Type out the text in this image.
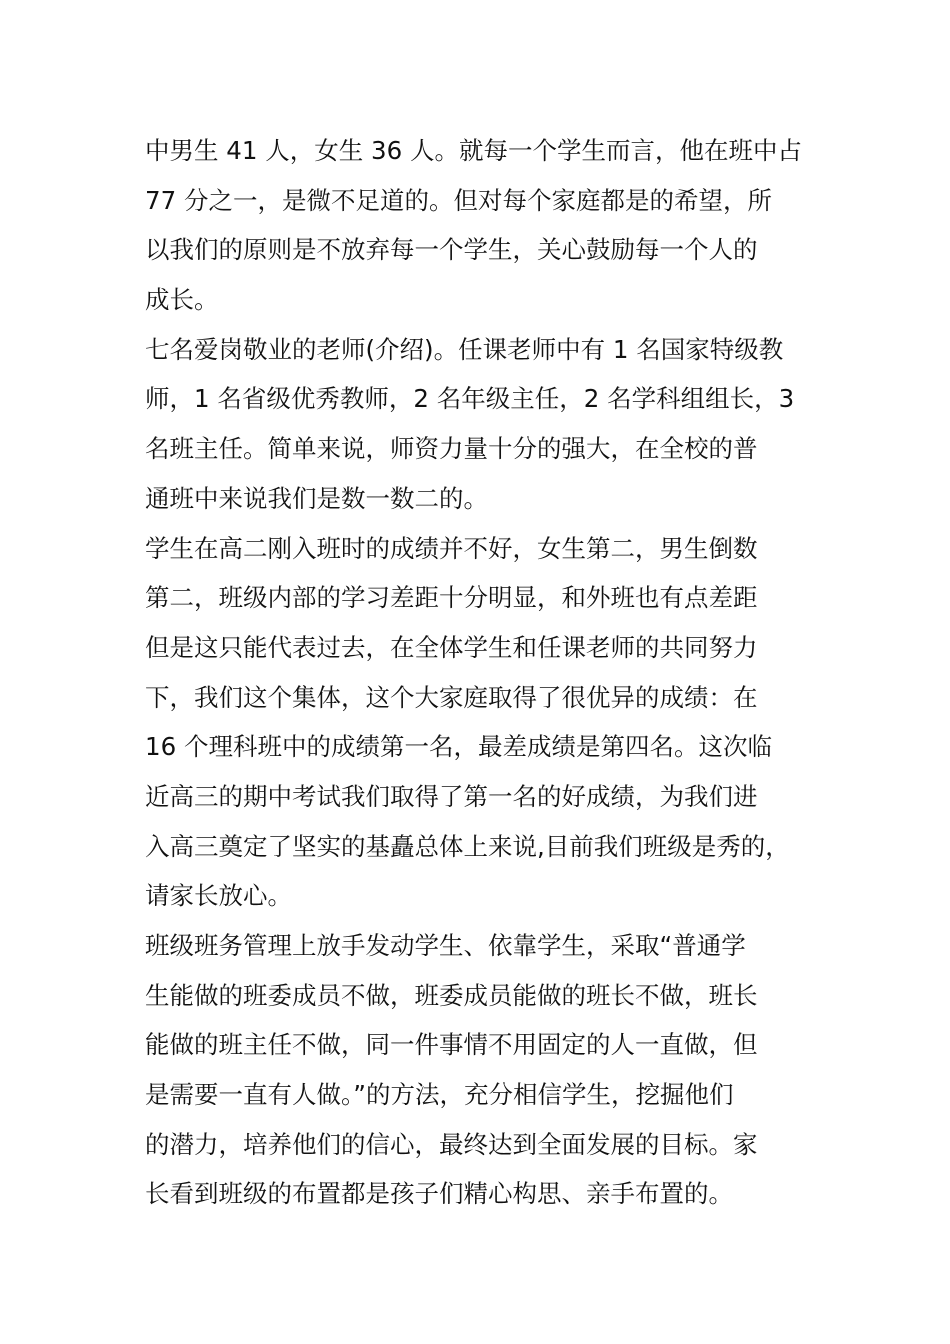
中男生 41 人，女生 36 人。就每一个学生而言，他在班中占
77 分之一，是微不足道的。但对每个家庭都是的希望，所
以我们的原则是不放弃每一个学生，关心鼓励每一个人的
成长。
七名爱岗敬业的老师(介绍)。任课老师中有 1 名国家特级教
师，1 名省级优秀教师，2 名年级主任，2 名学科组组长，3
名班主任。简单来说，师资力量十分的强大，在全校的普
通班中来说我们是数一数二的。
学生在高二刚入班时的成绩并不好，女生第二，男生倒数
第二，班级内部的学习差距十分明显，和外班也有点差距
但是这只能代表过去，在全体学生和任课老师的共同努力
下，我们这个集体，这个大家庭取得了很优异的成绩：在
16 个理科班中的成绩第一名，最差成绩是第四名。这次临
近高三的期中考试我们取得了第一名的好成绩，为我们进
入高三奠定了坚实的基矗总体上来说,目前我们班级是秀的，
请家长放心。
班级班务管理上放手发动学生、依靠学生，采取“普通学
生能做的班委成员不做，班委成员能做的班长不做，班长
能做的班主任不做，同一件事情不用固定的人一直做，但
是需要一直有人做。”的方法，充分相信学生，挖掘他们
的潜力，培养他们的信心，最终达到全面发展的目标。家
长看到班级的布置都是孩子们精心构思、亲手布置的。
